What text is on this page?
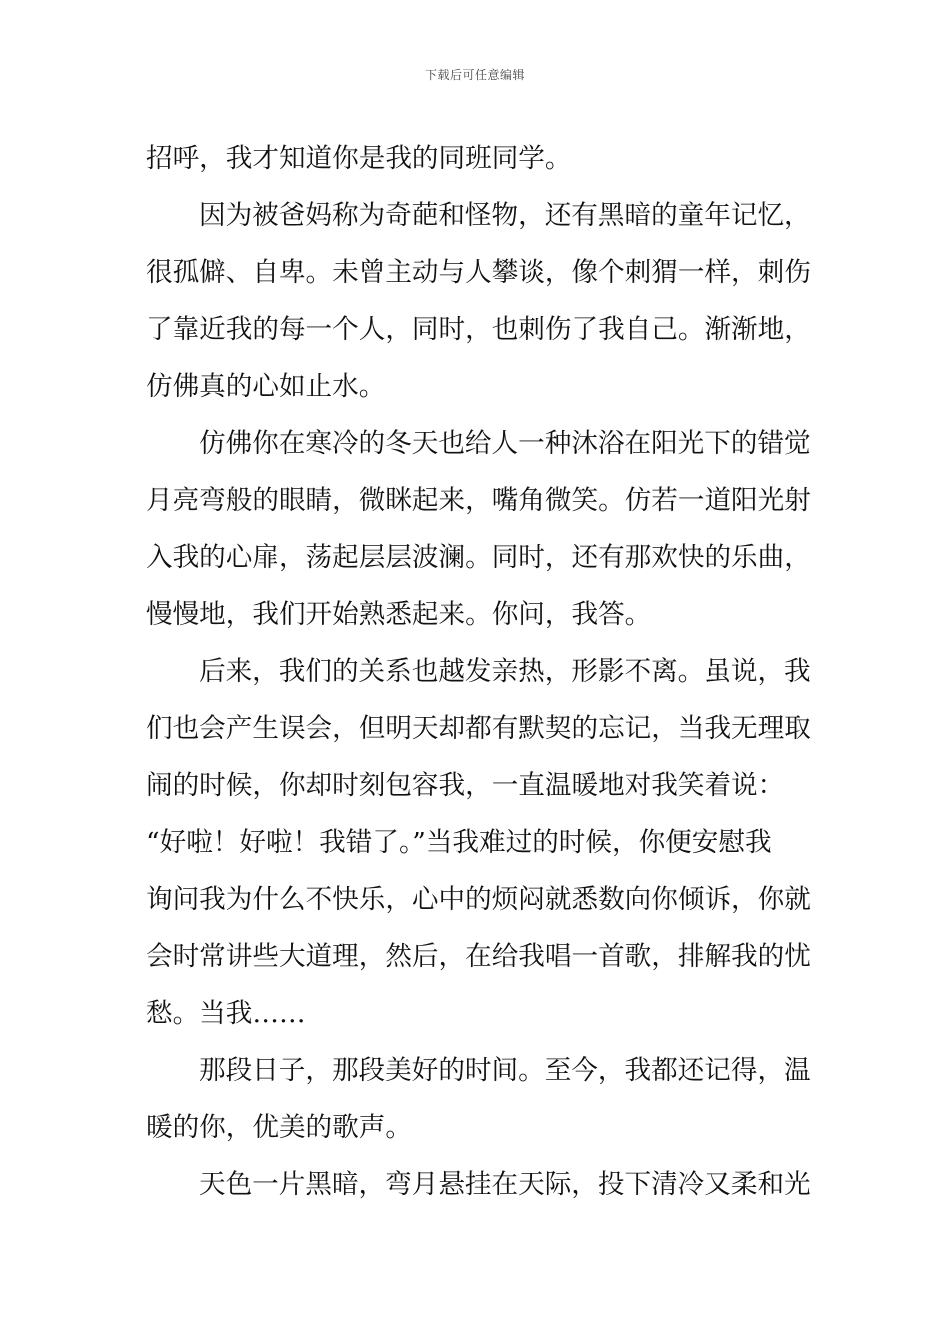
下载后可任意编辑
招呼，我才知道你是我的同班同学。
因为被爸妈称为奇葩和怪物，还有黑暗的童年记忆，
很孤僻、自卑。未曾主动与人攀谈，像个刺猬一样，刺伤
了靠近我的每一个人，同时，也刺伤了我自己。渐渐地，
仿佛真的心如止水。
仿佛你在寒冷的冬天也给人一种沐浴在阳光下的错觉
月亮弯般的眼睛，微眯起来，嘴角微笑。仿若一道阳光射
入我的心扉，荡起层层波澜。同时，还有那欢快的乐曲，
慢慢地，我们开始熟悉起来。你问，我答。
后来，我们的关系也越发亲热，形影不离。虽说，我
们也会产生误会，但明天却都有默契的忘记，当我无理取
闹的时候，你却时刻包容我，一直温暖地对我笑着说：
“好啦！好啦！我错了。”当我难过的时候，你便安慰我
询问我为什么不快乐，心中的烦闷就悉数向你倾诉，你就
会时常讲些大道理，然后，在给我唱一首歌，排解我的忧
愁。当我……
那段日子，那段美好的时间。至今，我都还记得，温
暖的你，优美的歌声。
天色一片黑暗，弯月悬挂在天际，投下清冷又柔和光
